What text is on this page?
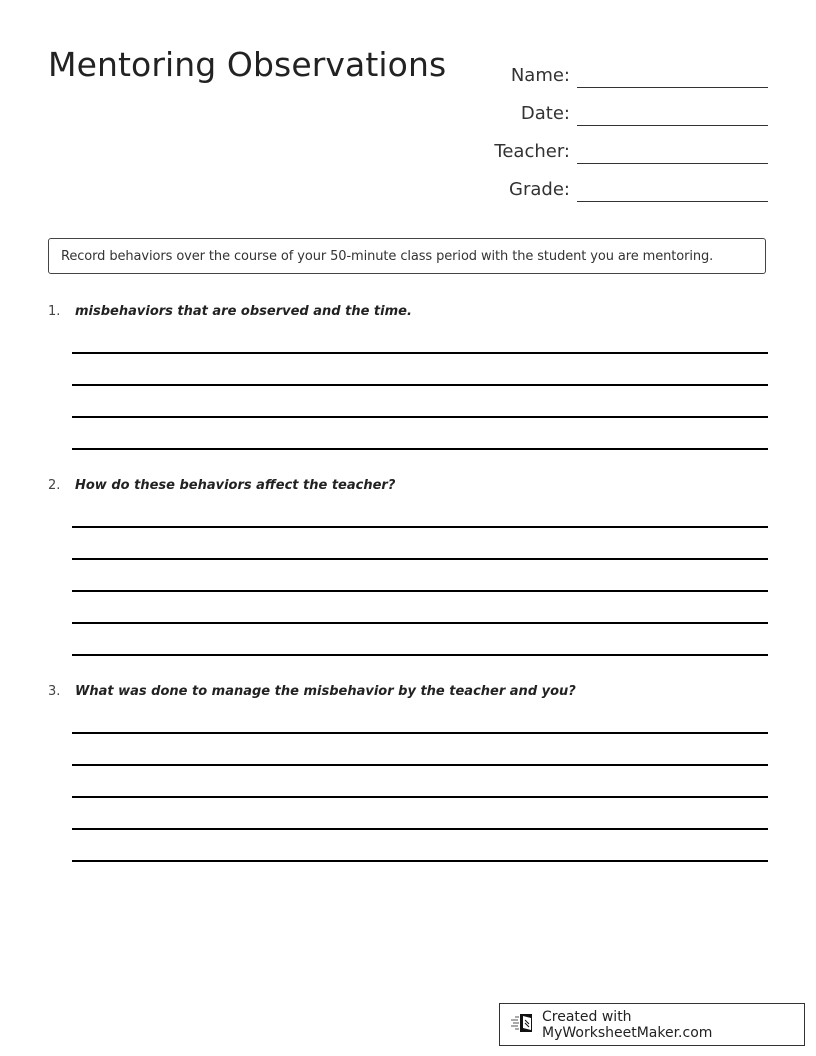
Mentoring Observations	Name:
Date:
Teacher:
Grade:
Record behaviors over the course of your 50-minute class period with the student you are mentoring.
1.	misbehaviors that are observed and the time.
2.	How do these behaviors affect the teacher?
3.	What was done to manage the misbehavior by the teacher and you?
Created with MyWorksheetMaker.com
